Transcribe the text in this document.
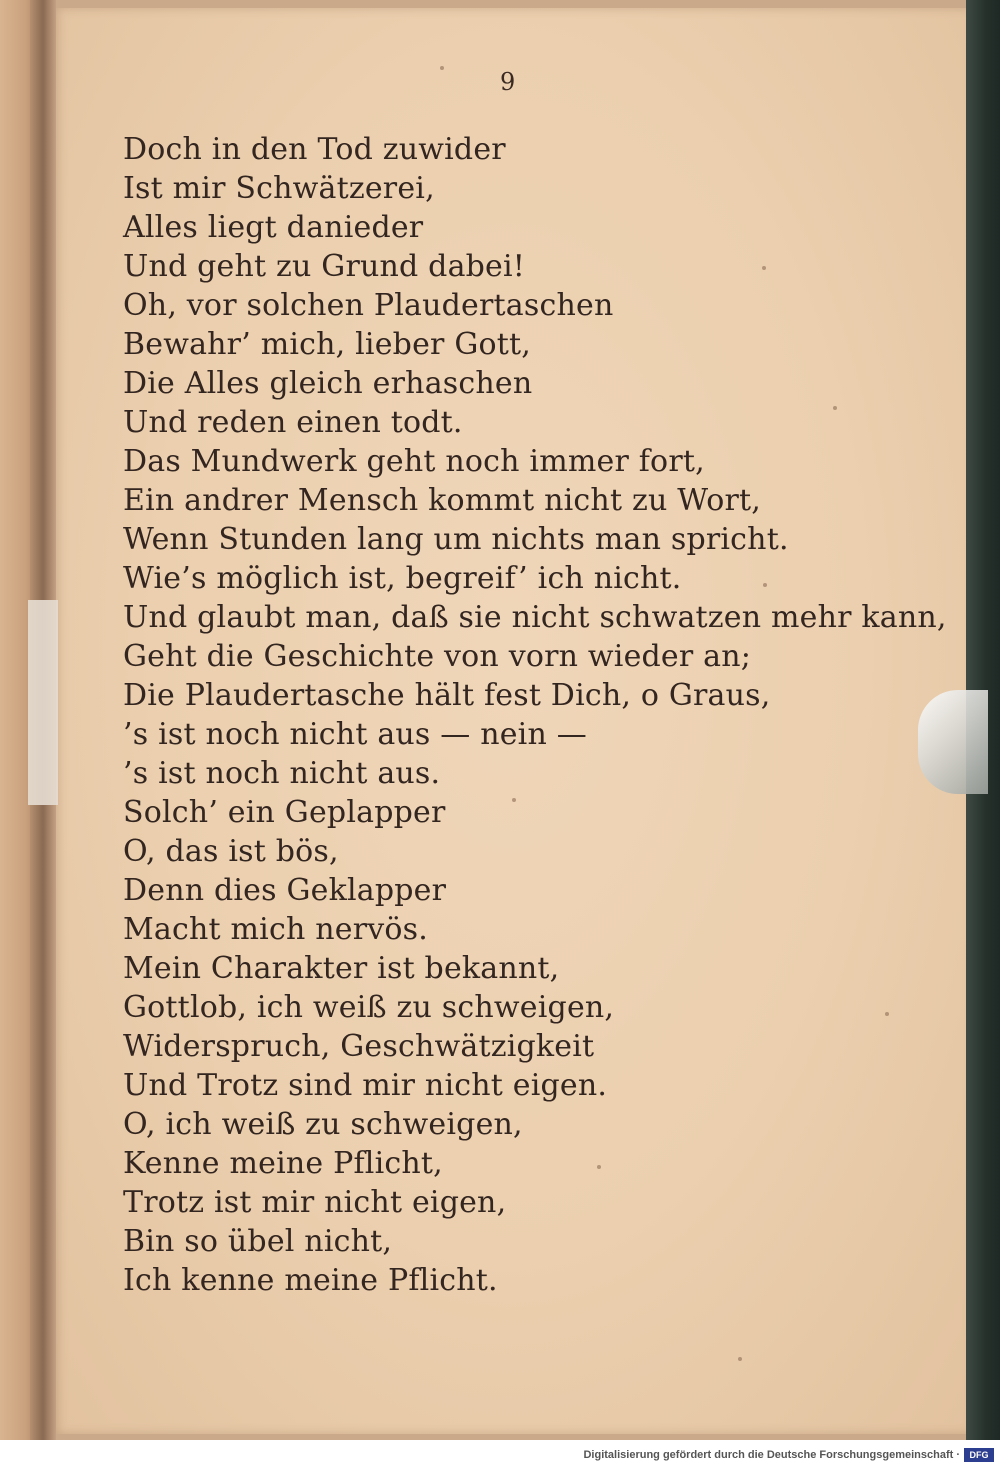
9
Doch in den Tod zuwider
Ist mir Schwätzerei,
Alles liegt danieder
Und geht zu Grund dabei!
Oh, vor solchen Plaudertaschen
Bewahr’ mich, lieber Gott,
Die Alles gleich erhaschen
Und reden einen todt.
Das Mundwerk geht noch immer fort,
Ein andrer Mensch kommt nicht zu Wort,
Wenn Stunden lang um nichts man spricht.
Wie’s möglich ist, begreif’ ich nicht.
Und glaubt man, daß sie nicht schwatzen mehr kann,
Geht die Geschichte von vorn wieder an;
Die Plaudertasche hält fest Dich, o Graus,
’s ist noch nicht aus — nein —
’s ist noch nicht aus.
Solch’ ein Geplapper
O, das ist bös,
Denn dies Geklapper
Macht mich nervös.
Mein Charakter ist bekannt,
Gottlob, ich weiß zu schweigen,
Widerspruch, Geschwätzigkeit
Und Trotz sind mir nicht eigen.
O, ich weiß zu schweigen,
Kenne meine Pflicht,
Trotz ist mir nicht eigen,
Bin so übel nicht,
Ich kenne meine Pflicht.
Digitalisierung gefördert durch die Deutsche Forschungsgemeinschaft ·	DFG
